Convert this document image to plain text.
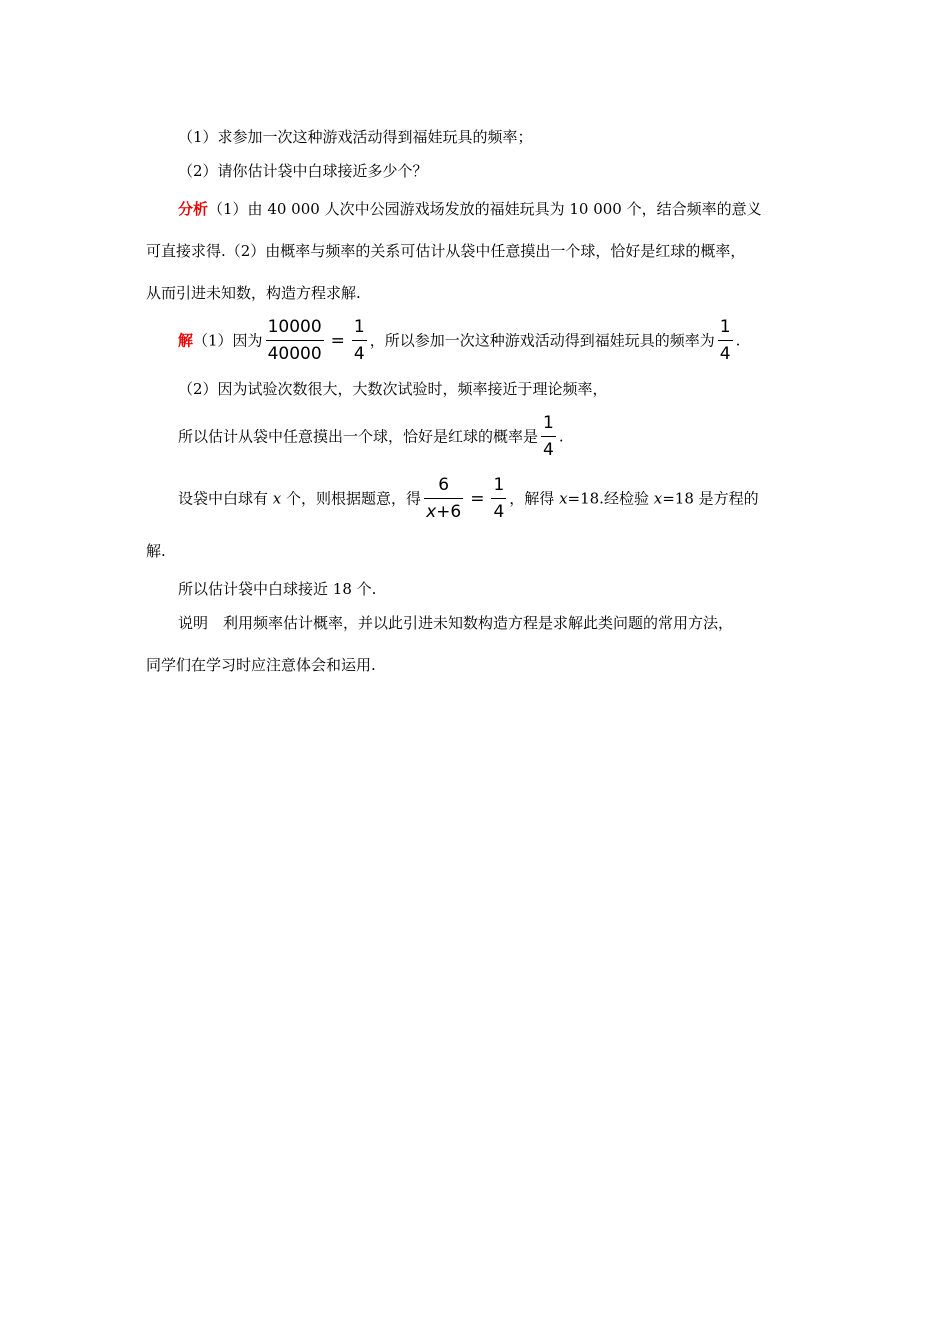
（1）求参加一次这种游戏活动得到福娃玩具的频率；
（2）请你估计袋中白球接近多少个？
分析（1）由 40 000 人次中公园游戏场发放的福娃玩具为 10 000 个，结合频率的意义
可直接求得.（2）由概率与频率的关系可估计从袋中任意摸出一个球，恰好是红球的概率，
从而引进未知数，构造方程求解.
解（1）因为 $\frac{10000}{40000} = \frac{1}{4}$ ，所以参加一次这种游戏活动得到福娃玩具的频率为 $\frac{1}{4}$ .
（2）因为试验次数很大，大数次试验时，频率接近于理论频率，
所以估计从袋中任意摸出一个球，恰好是红球的概率是 $\frac{1}{4}$ .
设袋中白球有 x 个，则根据题意，得 $\frac{6}{x+6} = \frac{1}{4}$ ，解得 x=18.经检验 x=18 是方程的
解.
所以估计袋中白球接近 18 个.
说明　利用频率估计概率，并以此引进未知数构造方程是求解此类问题的常用方法，
同学们在学习时应注意体会和运用.
